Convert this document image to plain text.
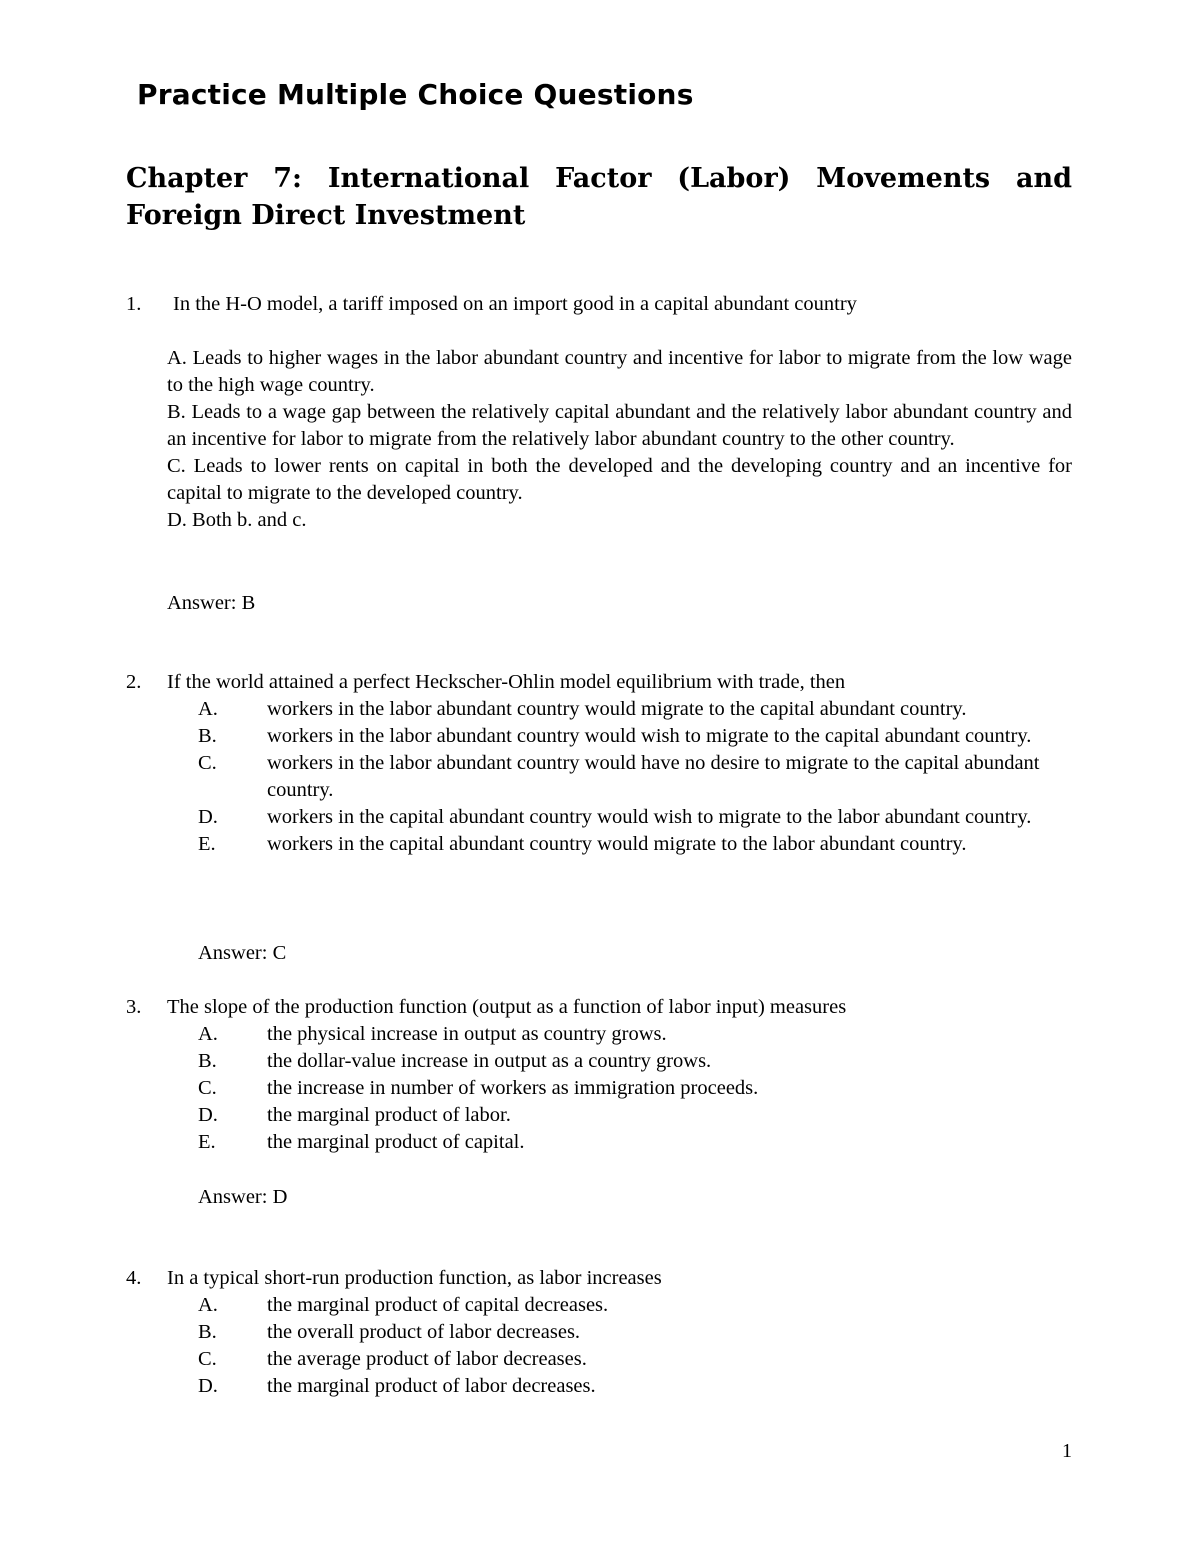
Practice Multiple Choice Questions
Chapter 7: International Factor (Labor) Movements and Foreign Direct Investment
1. In the H-O model, a tariff imposed on an import good in a capital abundant country
A. Leads to higher wages in the labor abundant country and incentive for labor to migrate from the low wage to the high wage country.
B. Leads to a wage gap between the relatively capital abundant and the relatively labor abundant country and an incentive for labor to migrate from the relatively labor abundant country to the other country.
C. Leads to lower rents on capital in both the developed and the developing country and an incentive for capital to migrate to the developed country.
D. Both b. and c.
Answer: B
2. If the world attained a perfect Heckscher-Ohlin model equilibrium with trade, then
A.	workers in the labor abundant country would migrate to the capital abundant country.
B.	workers in the labor abundant country would wish to migrate to the capital abundant country.
C.	workers in the labor abundant country would have no desire to migrate to the capital abundant country.
D.	workers in the capital abundant country would wish to migrate to the labor abundant country.
E.	workers in the capital abundant country would migrate to the labor abundant country.
Answer: C
3. The slope of the production function (output as a function of labor input) measures
A.	the physical increase in output as country grows.
B.	the dollar-value increase in output as a country grows.
C.	the increase in number of workers as immigration proceeds.
D.	the marginal product of labor.
E.	the marginal product of capital.
Answer: D
4. In a typical short-run production function, as labor increases
A.	the marginal product of capital decreases.
B.	the overall product of labor decreases.
C.	the average product of labor decreases.
D.	the marginal product of labor decreases.
1
